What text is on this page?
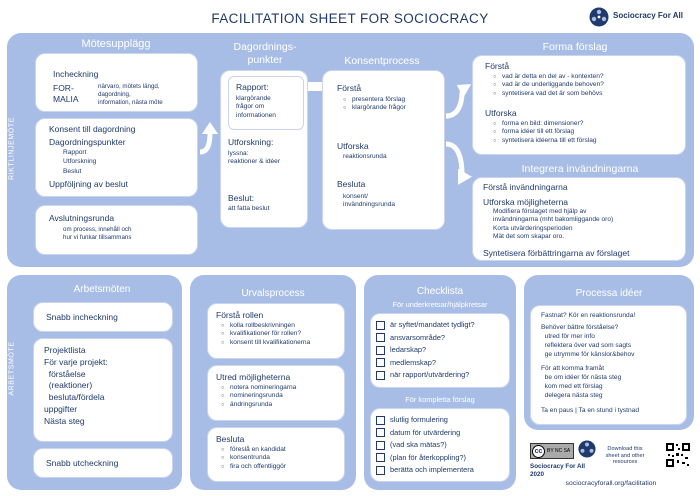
FACILITATION SHEET FOR SOCIOCRACY	Sociocracy For All
RIKTLINJEMÖTE
Mötesupplägg
Incheckning
FOR-
MALIA
närvaro, mötets längd,
dagordning,
information, nästa möte
Konsent till dagordning
Dagordningspunkter
Rapport
Utforskning
Beslut
Uppföljning av beslut
Avslutningsrunda
om process, innehåll och
hur vi funkar tillsammans
Dagordnings-
punkter
Rapport:
klargörande
frågor om
informationen
Utforskning:
lyssna:
reaktioner & idéer
Beslut:
att fatta beslut
Konsentprocess
Förstå
○ presentera förslag
○ klargörande frågor
Utforska
reaktionsrunda
Besluta
konsent/
invändningsrunda
Forma förslag
Förstå
○ vad är detta en del av - kontexten?
○ vad är de underliggande behoven?
○ syntetisera vad det är som behövs
Utforska
○ forma en bild: dimensioner?
○ forma idéer till ett förslag
○ syntetisera idéerna till ett förslag
Integrera invändningarna
Förstå invändningarna
Utforska möjligheterna
Modifiera förslaget med hjälp av
invändningarna (mht bakomliggande oro)
Korta utvärderingsperioden
Mät det som skapar oro.
Syntetisera förbättringarna av förslaget
ARBETSMÖTE
Arbetsmöten
Snabb incheckning
Projektlista
För varje projekt:
förståelse
(reaktioner)
besluta/fördela
uppgifter
Nästa steg
Snabb utcheckning
Urvalsprocess
Förstå rollen
○ kolla rollbeskrivningen
○ kvalifikationer för rollen?
○ konsent till kvalifikationerna
Utred möjligheterna
○ notera nomineringarna
○ nomineringsrunda
○ ändringsrunda
Besluta
○ föreslå en kandidat
○ konsentrunda
○ fira och offentliggör
Checklista
För underkretsar/hjälpkretsar
är syftet/mandatet tydligt?
ansvarsområde?
ledarskap?
medlemskap?
när rapport/utvärdering?
För kompletta förslag
slutlig formulering
datum för utvärdering
(vad ska mätas?)
(plan för återkoppling?)
berätta och implementera
Processa idéer
Fastnat? Kör en reaktionsrunda!
Behöver bättre förståelse?
utred för mer info
reflektera över vad som sagts
ge utrymme för känslor&behov
För att komma framåt
be om idéer för nästa steg
kom med ett förslag
delegera nästa steg
Ta en paus | Ta en stund i tystnad
cc BY NC SA
Sociocracy For All
2020
Download this
sheet and other
resources
sociocracyforall.org/facilitation
